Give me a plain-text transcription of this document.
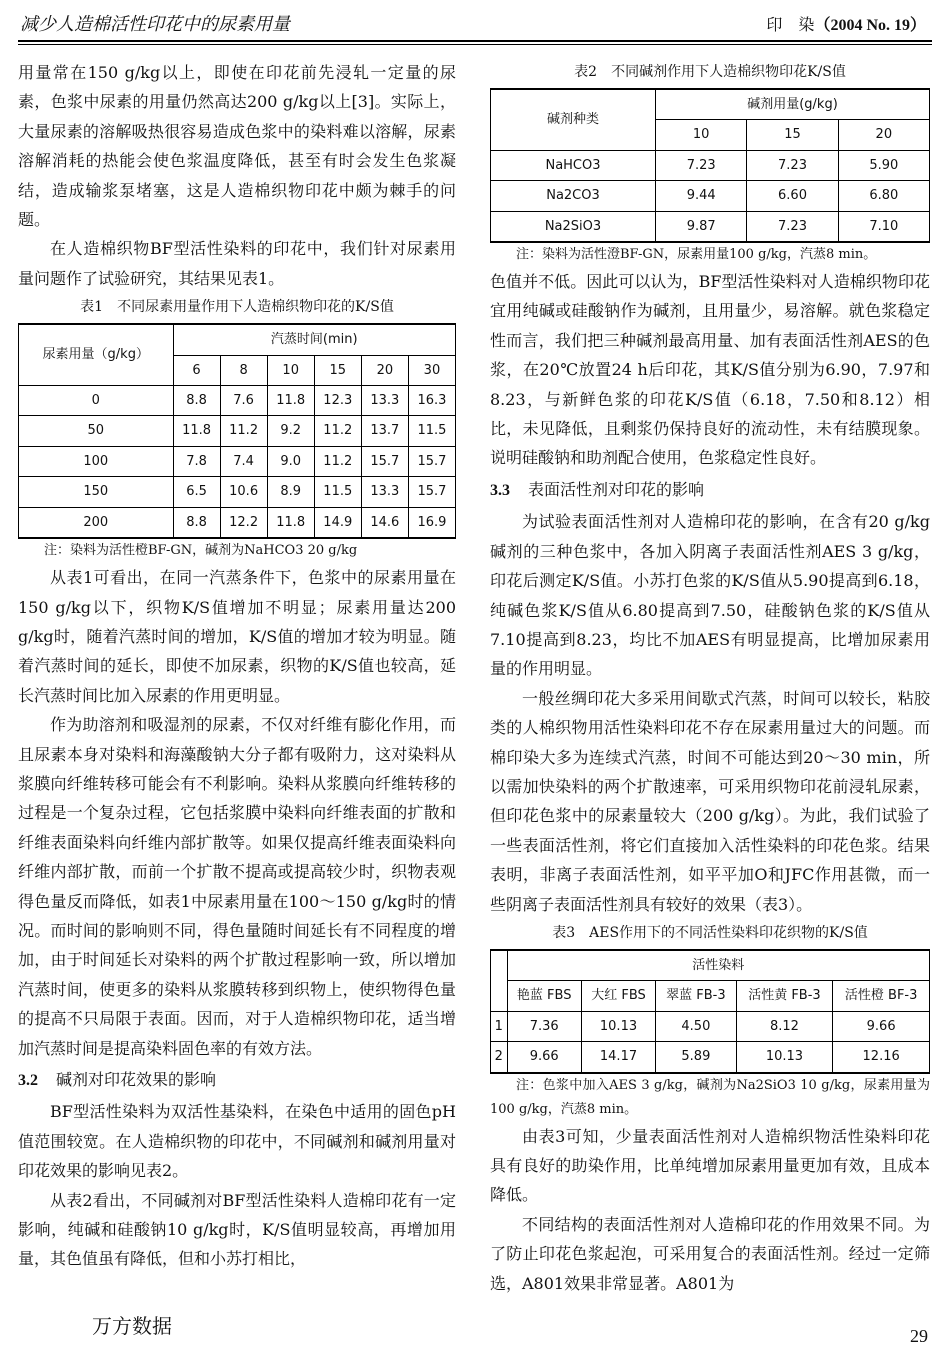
减少人造棉活性印花中的尿素用量	印　染（2004 No. 19）

用量常在150 g/kg以上，即使在印花前先浸轧一定量的尿素，色浆中尿素的用量仍然高达200 g/kg以上[3]。实际上，大量尿素的溶解吸热很容易造成色浆中的染料难以溶解，尿素溶解消耗的热能会使色浆温度降低，甚至有时会发生色浆凝结，造成输浆泵堵塞，这是人造棉织物印花中颇为棘手的问题。

在人造棉织物BF型活性染料的印花中，我们针对尿素用量问题作了试验研究，其结果见表1。

表1　不同尿素用量作用下人造棉织物印花的K/S值
尿素用量（g/kg）	汽蒸时间(min)					
	6	8	10	15	20	30
0	8.8	7.6	11.8	12.3	13.3	16.3
50	11.8	11.2	9.2	11.2	13.7	11.5
100	7.8	7.4	9.0	11.2	15.7	15.7
150	6.5	10.6	8.9	11.5	13.3	15.7
200	8.8	12.2	11.8	14.9	14.6	16.9
注：染料为活性橙BF-GN，碱剂为NaHCO3 20 g/kg

从表1可看出，在同一汽蒸条件下，色浆中的尿素用量在150 g/kg以下，织物K/S值增加不明显；尿素用量达200 g/kg时，随着汽蒸时间的增加，K/S值的增加才较为明显。随着汽蒸时间的延长，即使不加尿素，织物的K/S值也较高，延长汽蒸时间比加入尿素的作用更明显。

作为助溶剂和吸湿剂的尿素，不仅对纤维有膨化作用，而且尿素本身对染料和海藻酸钠大分子都有吸附力，这对染料从浆膜向纤维转移可能会有不利影响。染料从浆膜向纤维转移的过程是一个复杂过程，它包括浆膜中染料向纤维表面的扩散和纤维表面染料向纤维内部扩散等。如果仅提高纤维表面染料向纤维内部扩散，而前一个扩散不提高或提高较少时，织物表观得色量反而降低，如表1中尿素用量在100～150 g/kg时的情况。而时间的影响则不同，得色量随时间延长有不同程度的增加，由于时间延长对染料的两个扩散过程影响一致，所以增加汽蒸时间，使更多的染料从浆膜转移到织物上，使织物得色量的提高不只局限于表面。因而，对于人造棉织物印花，适当增加汽蒸时间是提高染料固色率的有效方法。

3.2 碱剂对印花效果的影响

BF型活性染料为双活性基染料，在染色中适用的固色pH值范围较宽。在人造棉织物的印花中，不同碱剂和碱剂用量对印花效果的影响见表2。

从表2看出，不同碱剂对BF型活性染料人造棉印花有一定影响，纯碱和硅酸钠10 g/kg时，K/S值明显较高，再增加用量，其色值虽有降低，但和小苏打相比，

表2　不同碱剂作用下人造棉织物印花K/S值
碱剂种类	碱剂用量(g/kg)		
	10	15	20
NaHCO3	7.23	7.23	5.90
Na2CO3	9.44	6.60	6.80
Na2SiO3	9.87	7.23	7.10
注：染料为活性澄BF-GN，尿素用量100 g/kg，汽蒸8 min。

色值并不低。因此可以认为，BF型活性染料对人造棉织物印花宜用纯碱或硅酸钠作为碱剂，且用量少，易溶解。就色浆稳定性而言，我们把三种碱剂最高用量、加有表面活性剂AES的色浆，在20℃放置24 h后印花，其K/S值分别为6.90，7.97和8.23，与新鲜色浆的印花K/S值（6.18，7.50和8.12）相比，未见降低，且剩浆仍保持良好的流动性，未有结膜现象。说明硅酸钠和助剂配合使用，色浆稳定性良好。

3.3 表面活性剂对印花的影响

为试验表面活性剂对人造棉印花的影响，在含有20 g/kg碱剂的三种色浆中，各加入阴离子表面活性剂AES 3 g/kg，印花后测定K/S值。小苏打色浆的K/S值从5.90提高到6.18，纯碱色浆K/S值从6.80提高到7.50，硅酸钠色浆的K/S值从7.10提高到8.23，均比不加AES有明显提高，比增加尿素用量的作用明显。

一般丝绸印花大多采用间歇式汽蒸，时间可以较长，粘胶类的人棉织物用活性染料印花不存在尿素用量过大的问题。而棉印染大多为连续式汽蒸，时间不可能达到20～30 min，所以需加快染料的两个扩散速率，可采用织物印花前浸轧尿素，但印花色浆中的尿素量较大（200 g/kg）。为此，我们试验了一些表面活性剂，将它们直接加入活性染料的印花色浆。结果表明，非离子表面活性剂，如平平加O和JFC作用甚微，而一些阴离子表面活性剂具有较好的效果（表3）。

表3　AES作用下的不同活性染料印花织物的K/S值
	活性染料				
	艳蓝 FBS	大红 FBS	翠蓝 FB-3	活性黄 FB-3	活性橙 BF-3
1	7.36	10.13	4.50	8.12	9.66
2	9.66	14.17	5.89	10.13	12.16
注：色浆中加入AES 3 g/kg，碱剂为Na2SiO3 10 g/kg，尿素用量为100 g/kg，汽蒸8 min。

由表3可知，少量表面活性剂对人造棉织物活性染料印花具有良好的助染作用，比单纯增加尿素用量更加有效，且成本降低。

不同结构的表面活性剂对人造棉印花的作用效果不同。为了防止印花色浆起泡，可采用复合的表面活性剂。经过一定筛选，A801效果非常显著。A801为

万方数据	29
